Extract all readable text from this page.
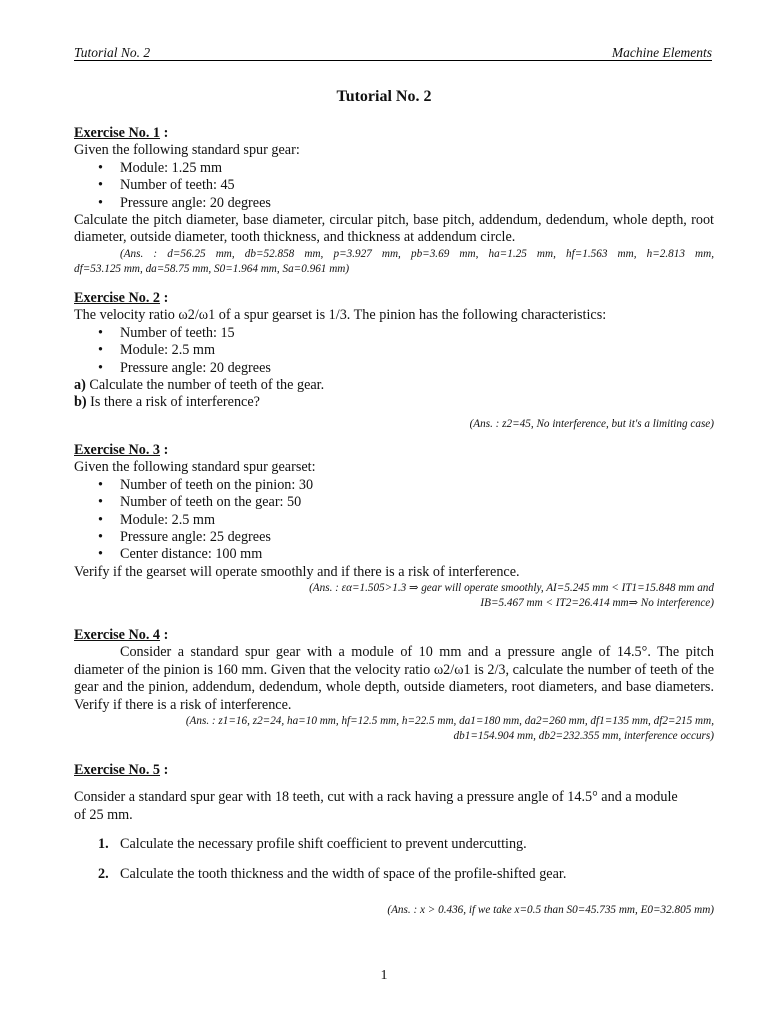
Tutorial No. 2	Machine Elements
Tutorial No. 2

Exercise No. 1 :

Given the following standard spur gear:

• Module: 1.25 mm
• Number of teeth: 45
• Pressure angle: 20 degrees

Calculate the pitch diameter, base diameter, circular pitch, base pitch, addendum, dedendum, whole depth, root diameter, outside diameter, tooth thickness, and thickness at addendum circle.

(Ans. : d=56.25 mm, db=52.858 mm, p=3.927 mm, pb=3.69 mm, ha=1.25 mm, hf=1.563 mm, h=2.813 mm,

df=53.125 mm, da=58.75 mm, S0=1.964 mm, Sa=0.961 mm)

Exercise No. 2 :

The velocity ratio ω2/ω1 of a spur gearset is 1/3. The pinion has the following characteristics:

• Number of teeth: 15
• Module: 2.5 mm
• Pressure angle: 20 degrees

a) Calculate the number of teeth of the gear.

b) Is there a risk of interference?

(Ans. : z2=45, No interference, but it's a limiting case)

Exercise No. 3 :

Given the following standard spur gearset:

• Number of teeth on the pinion: 30
• Number of teeth on the gear: 50
• Module: 2.5 mm
• Pressure angle: 25 degrees
• Center distance: 100 mm

Verify if the gearset will operate smoothly and if there is a risk of interference.

(Ans. : εα=1.505>1.3 ⇒ gear will operate smoothly, AI=5.245 mm < IT1=15.848 mm and

IB=5.467 mm < IT2=26.414 mm⇒ No interference)

Exercise No. 4 :

Consider a standard spur gear with a module of 10 mm and a pressure angle of 14.5°. The pitch diameter of the pinion is 160 mm. Given that the velocity ratio ω2/ω1 is 2/3, calculate the number of teeth of the gear and the pinion, addendum, dedendum, whole depth, outside diameters, root diameters, and base diameters. Verify if there is a risk of interference.

(Ans. : z1=16, z2=24, ha=10 mm, hf=12.5 mm, h=22.5 mm, da1=180 mm, da2=260 mm, df1=135 mm, df2=215 mm,

db1=154.904 mm, db2=232.355 mm, interference occurs)

Exercise No. 5 :

Consider a standard spur gear with 18 teeth, cut with a rack having a pressure angle of 14.5° and a module of 25 mm.

1. Calculate the necessary profile shift coefficient to prevent undercutting.
2. Calculate the tooth thickness and the width of space of the profile-shifted gear.

(Ans. : x > 0.436, if we take x=0.5 than S0=45.735 mm, E0=32.805 mm)

1
